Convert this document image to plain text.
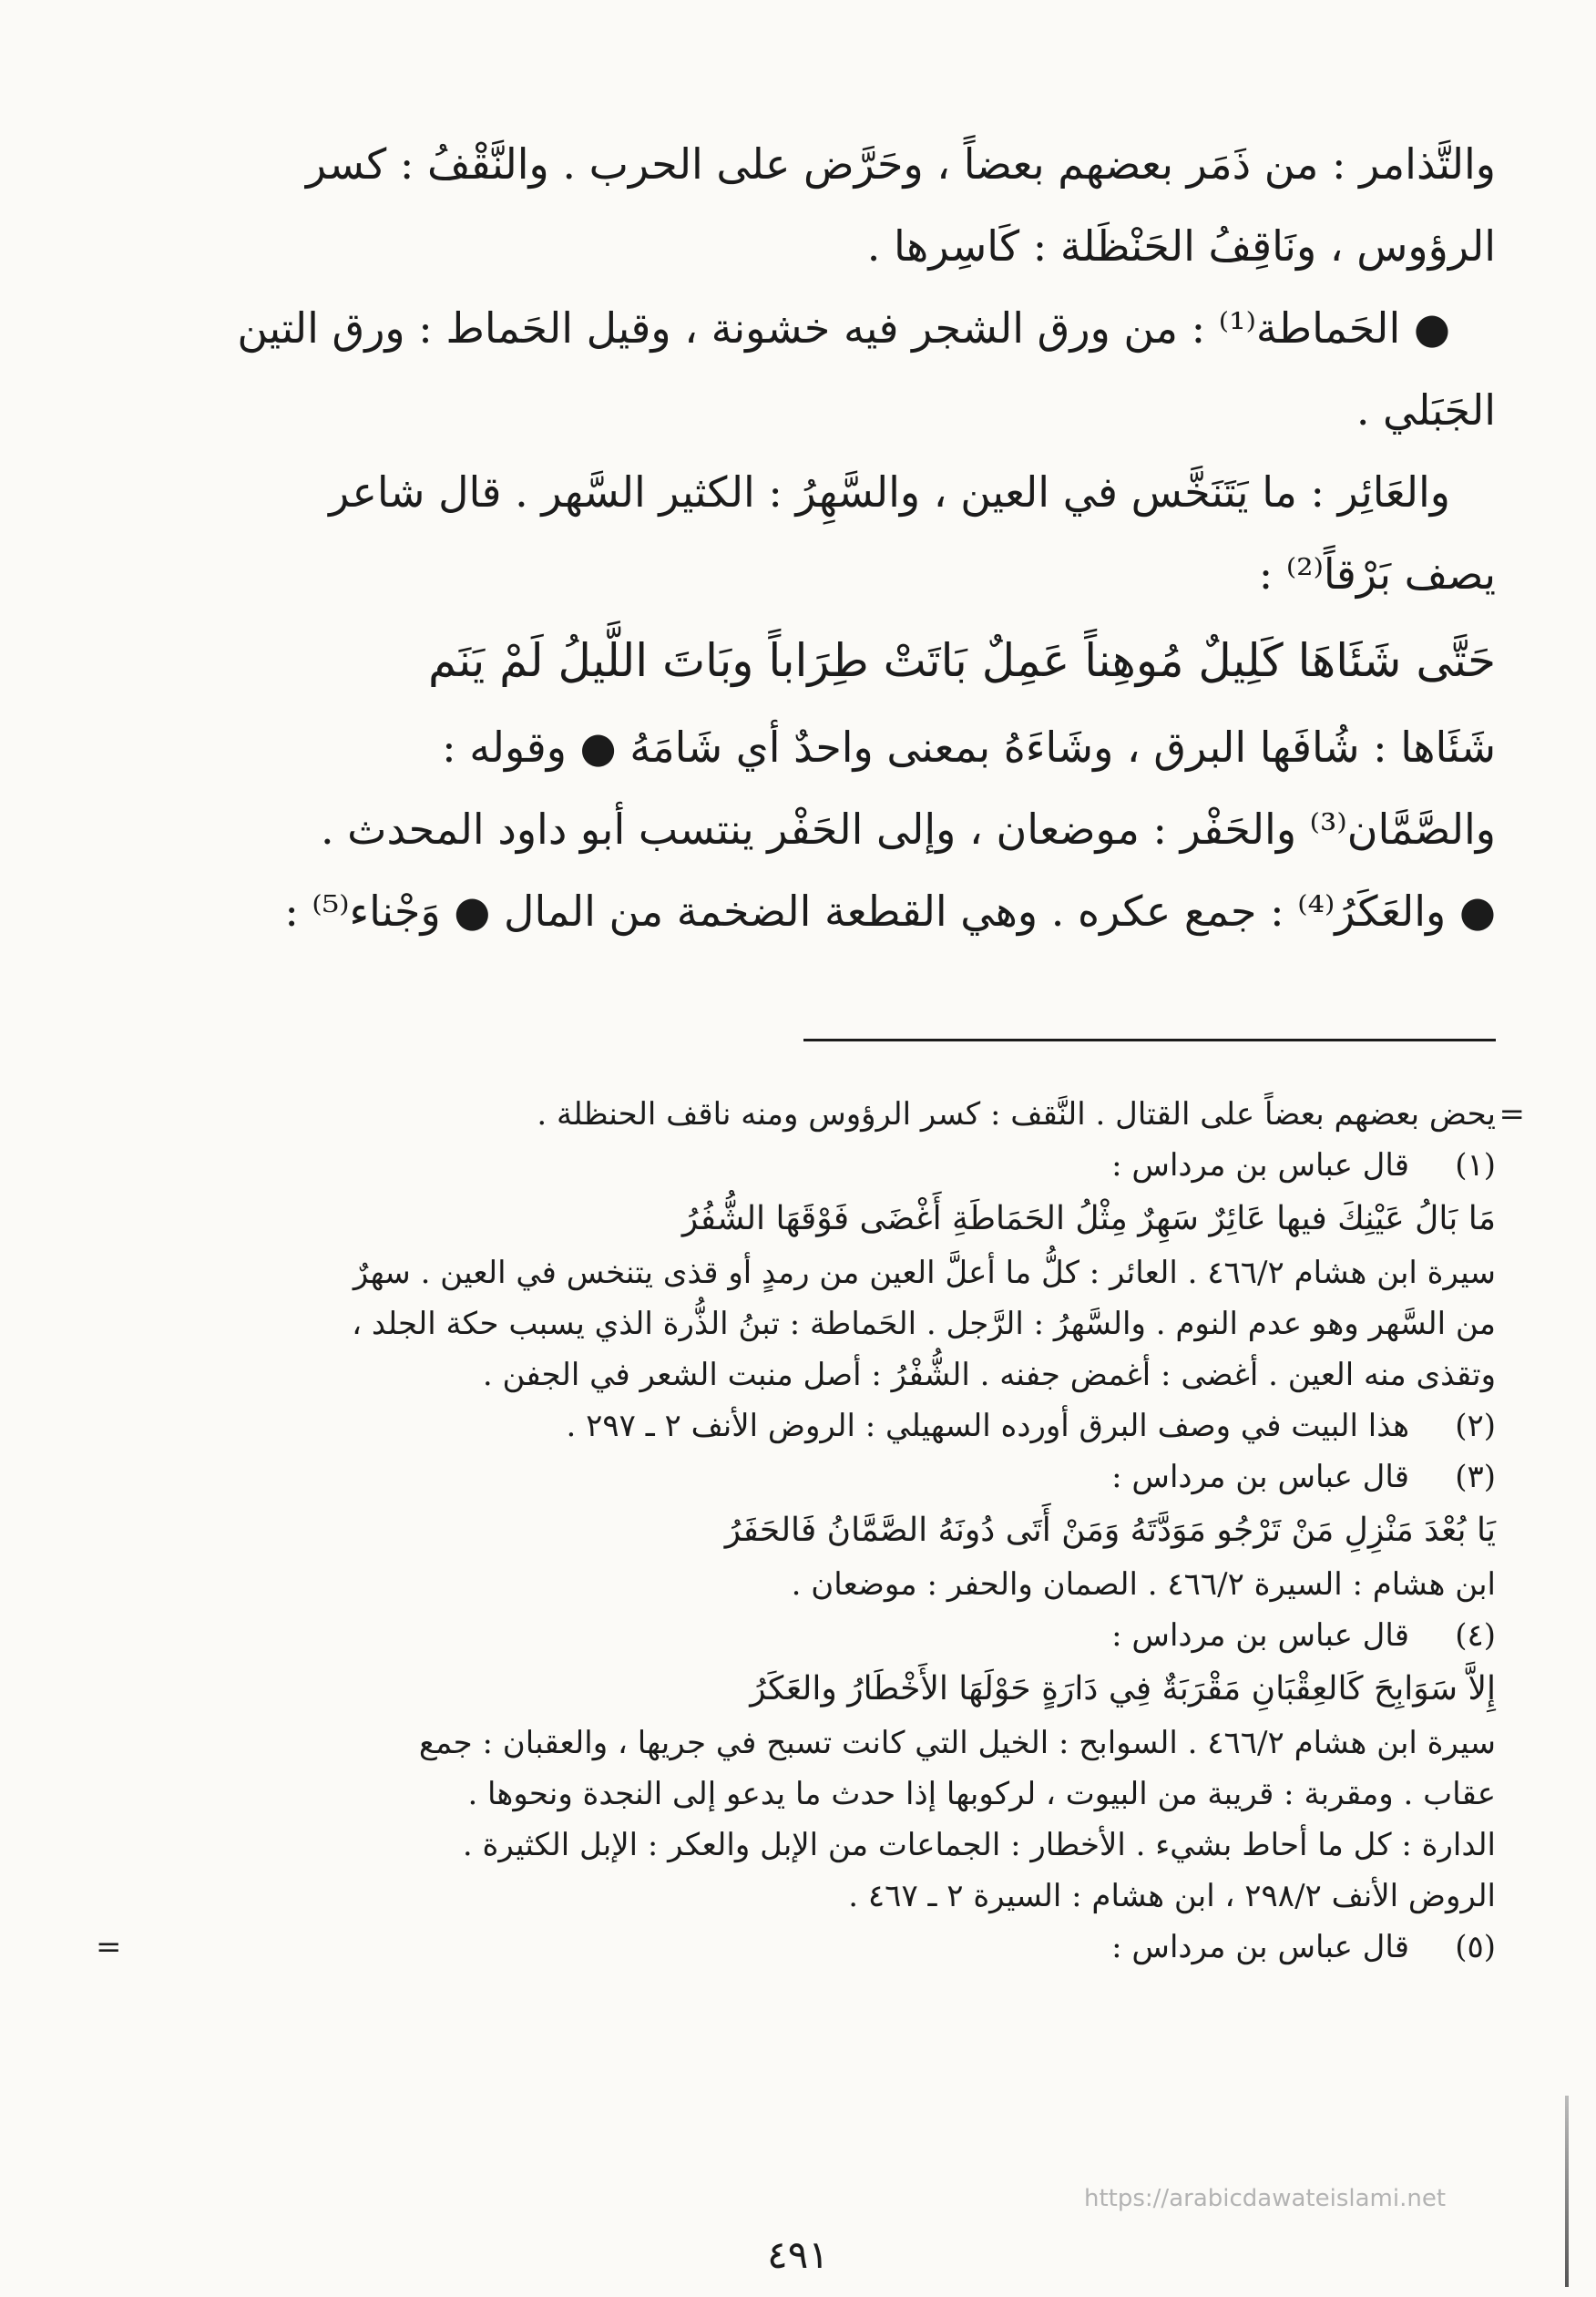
والتَّذامر : من ذَمَر بعضهم بعضاً ، وحَرَّض على الحرب . والنَّقْفُ : كسر
الرؤوس ، ونَاقِفُ الحَنْظَلة : كَاسِرها .
● الحَماطة⁽¹⁾ : من ورق الشجر فيه خشونة ، وقيل الحَماط : ورق التين
الجَبَلي .
والعَائِر : ما يَتَنَخَّس في العين ، والسَّهِرُ : الكثير السَّهر . قال شاعر
يصف بَرْقاً⁽²⁾ :
حَتَّى شَئَاهَا كَلِيلٌ مُوهِناً عَمِلٌ بَاتَتْ طِرَاباً وبَاتَ اللَّيلُ لَمْ يَنَم
شَئَاها : شُافَها البرق ، وشَاءَهُ بمعنى واحدٌ أي شَامَهُ ● وقوله :
والصَّمَّان⁽³⁾ والحَفْر : موضعان ، وإلى الحَفْر ينتسب أبو داود المحدث .
● والعَكَرُ⁽⁴⁾ : جمع عكره . وهي القطعة الضخمة من المال ● وَجْناء⁽⁵⁾ :
=
يحض بعضهم بعضاً على القتال . النَّقف : كسر الرؤوس ومنه ناقف الحنظلة .
(١)
قال عباس بن مرداس :
مَا بَالُ عَيْنِكَ فيها عَائِرٌ سَهِرٌ مِثْلُ الحَمَاطَةِ أَغْضَى فَوْقَهَا الشُّفُرُ
سيرة ابن هشام ٤٦٦/٢ . العائر : كلُّ ما أعلَّ العين من رمدٍ أو قذى يتنخس في العين . سهرٌ
من السَّهر وهو عدم النوم . والسَّهرُ : الرَّجل . الحَماطة : تبنُ الذُّرة الذي يسبب حكة الجلد ،
وتقذى منه العين . أغضى : أغمض جفنه . الشُّفْرُ : أصل منبت الشعر في الجفن .
(٢)
هذا البيت في وصف البرق أورده السهيلي : الروض الأنف ٢ ـ ٢٩٧ .
(٣)
قال عباس بن مرداس :
يَا بُعْدَ مَنْزِلِ مَنْ تَرْجُو مَوَدَّتَهُ وَمَنْ أَتَى دُونَهُ الصَّمَّانُ فَالحَفَرُ
ابن هشام : السيرة ٤٦٦/٢ . الصمان والحفر : موضعان .
(٤)
قال عباس بن مرداس :
إِلاَّ سَوَابِحَ كَالعِقْبَانِ مَقْرَبَةٌ فِي دَارَةٍ حَوْلَهَا الأَخْطَارُ والعَكَرُ
سيرة ابن هشام ٤٦٦/٢ . السوابح : الخيل التي كانت تسبح في جريها ، والعقبان : جمع
عقاب . ومقربة : قريبة من البيوت ، لركوبها إذا حدث ما يدعو إلى النجدة ونحوها .
الدارة : كل ما أحاط بشيء . الأخطار : الجماعات من الإبل والعكر : الإبل الكثيرة .
الروض الأنف ٢٩٨/٢ ، ابن هشام : السيرة ٢ ـ ٤٦٧ .
(٥)
قال عباس بن مرداس :
=
https://arabicdawateislami.net
٤٩١
